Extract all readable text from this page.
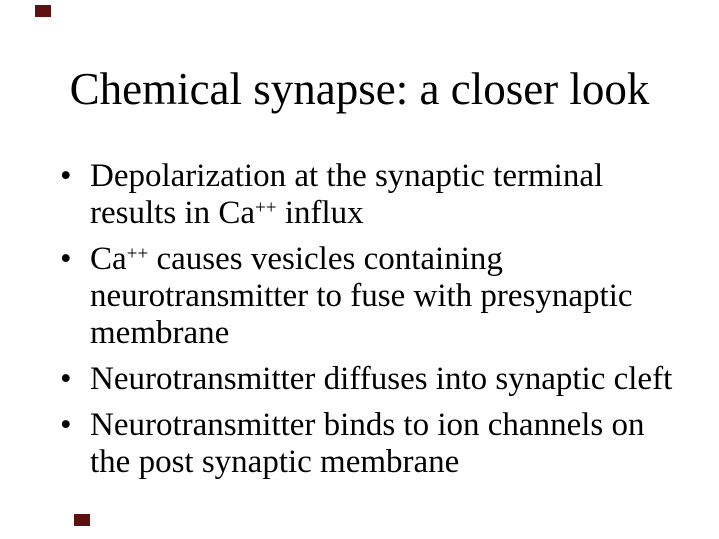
Chemical synapse: a closer look
• Depolarization at the synaptic terminal
results in Ca++ influx
• Ca++ causes vesicles containing
neurotransmitter to fuse with presynaptic
membrane
• Neurotransmitter diffuses into synaptic cleft
• Neurotransmitter binds to ion channels on
the post synaptic membrane
